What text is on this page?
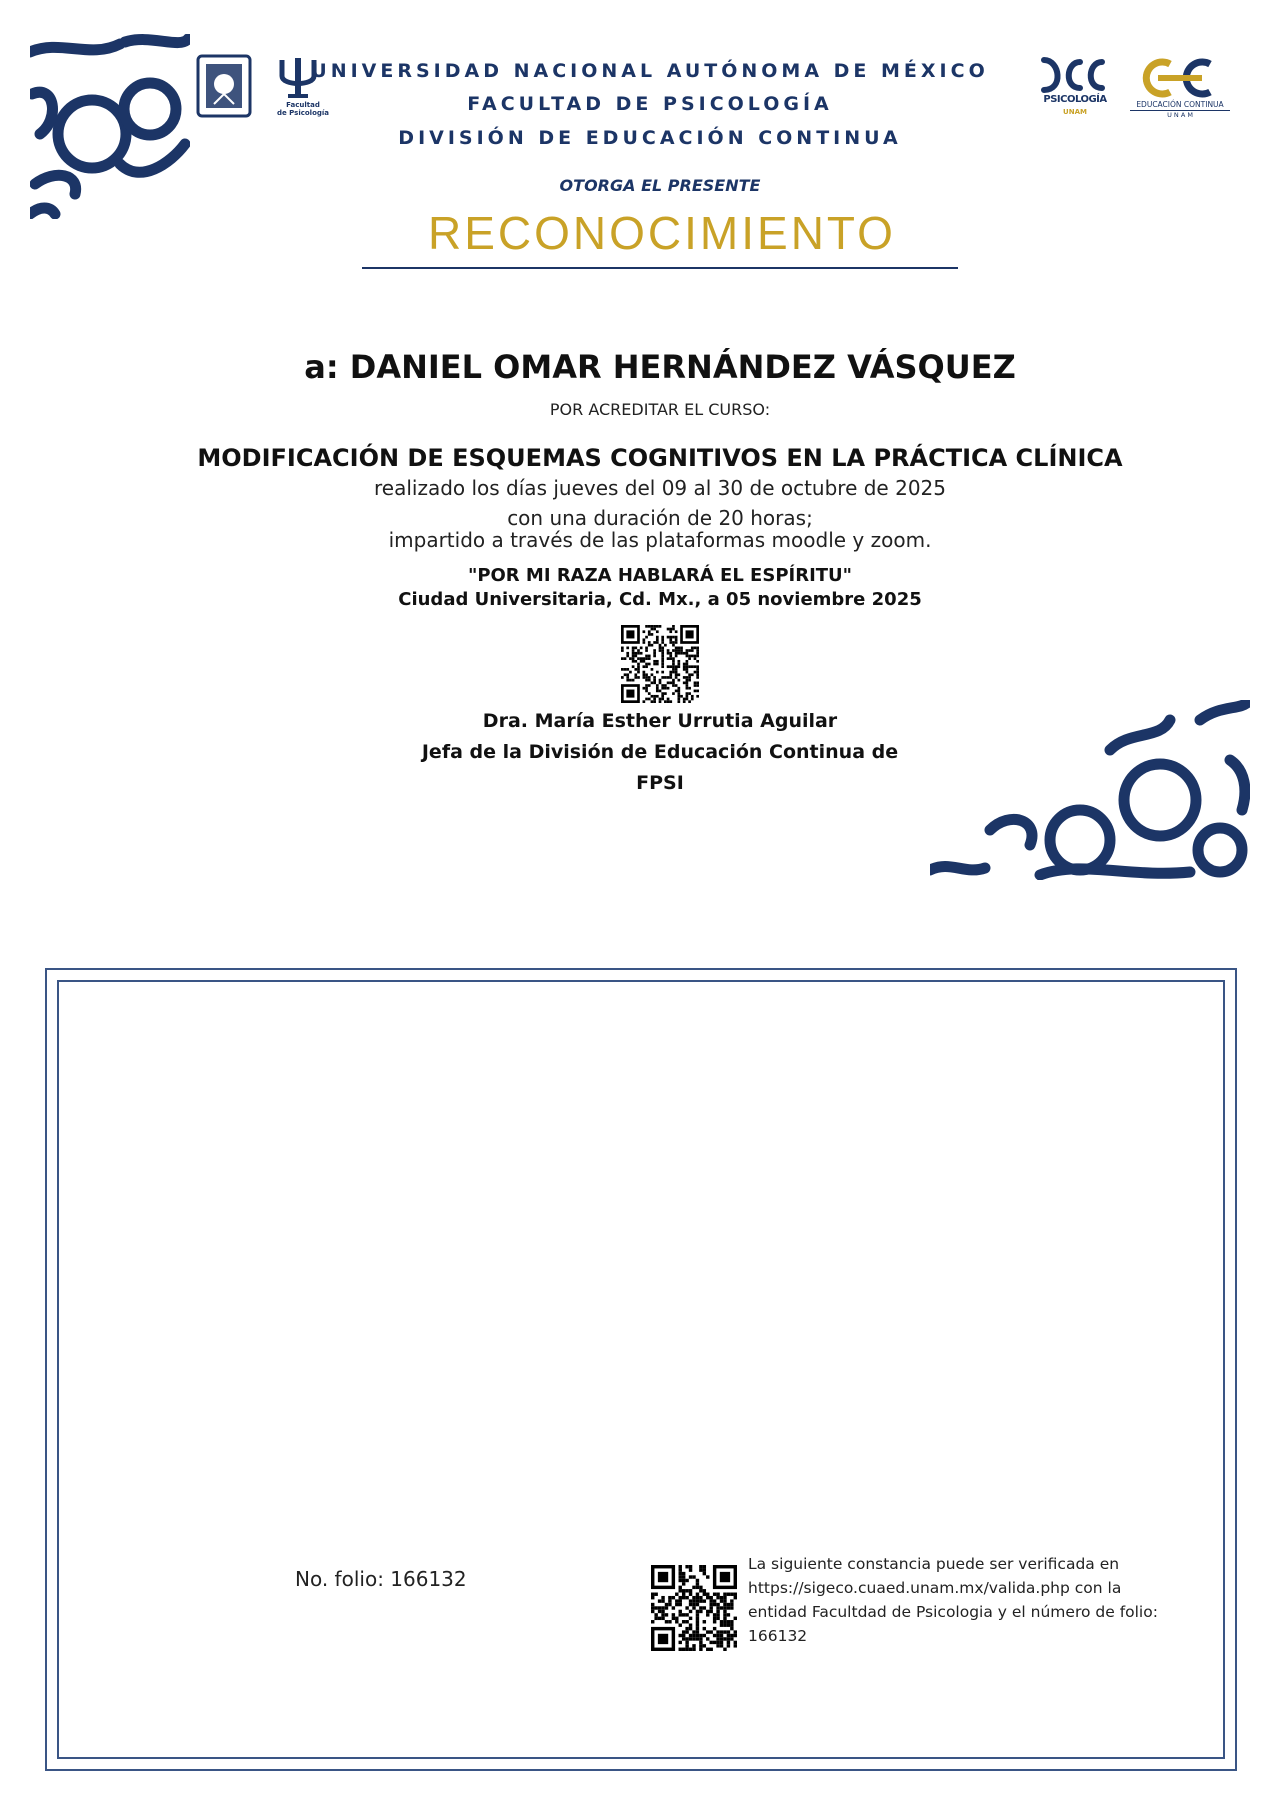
Facultad
de Psicología
UNIVERSIDAD NACIONAL AUTÓNOMA DE MÉXICO
FACULTAD DE PSICOLOGÍA
DIVISIÓN DE EDUCACIÓN CONTINUA
PSICOLOGÍA
UNAM
EDUCACIÓN CONTINUA
U N A M
OTORGA EL PRESENTE
RECONOCIMIENTO
a: DANIEL OMAR HERNÁNDEZ VÁSQUEZ
POR ACREDITAR EL CURSO:
MODIFICACIÓN DE ESQUEMAS COGNITIVOS EN LA PRÁCTICA CLÍNICA
realizado los días jueves del 09 al 30 de octubre de 2025
con una duración de 20 horas;
impartido a través de las plataformas moodle y zoom.
"POR MI RAZA HABLARÁ EL ESPÍRITU"
Ciudad Universitaria, Cd. Mx., a 05 noviembre 2025
Dra. María Esther Urrutia Aguilar
Jefa de la División de Educación Continua de
FPSI
No. folio: 166132
La siguiente constancia puede ser verificada en
https://sigeco.cuaed.unam.mx/valida.php con la
entidad Facultdad de Psicologia y el número de folio:
166132
